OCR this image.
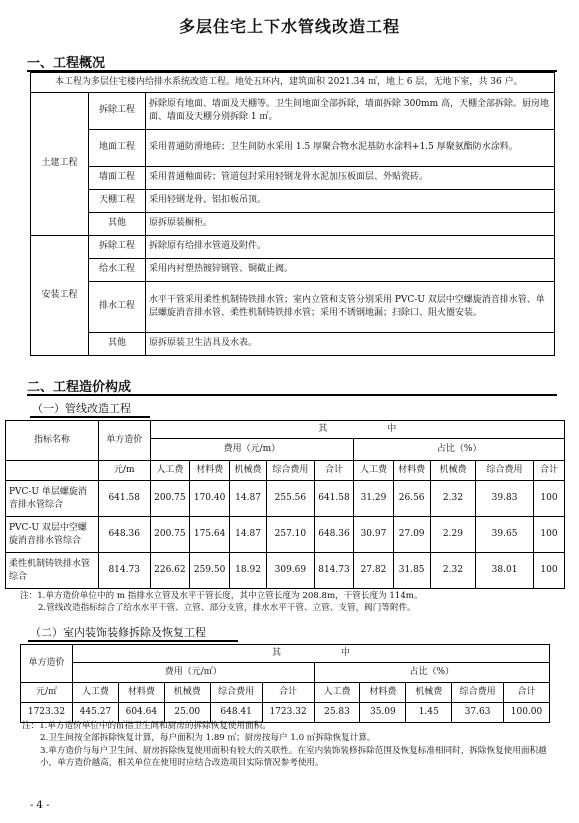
多层住宅上下水管线改造工程
一、工程概况
本工程为多层住宅楼内给排水系统改造工程。地处五环内，建筑面积 2021.34 ㎡，地上 6 层，无地下室，共 36 户。		
土建工程	拆除工程	拆除原有地面、墙面及天棚等。卫生间地面全部拆除，墙面拆除 300mm 高，天棚全部拆除。厨房地面、墙面及天棚分别拆除 1 ㎡。
	地面工程	采用普通防滑地砖；卫生间防水采用 1.5 厚聚合物水泥基防水涂料+1.5 厚聚氨酯防水涂料。
	墙面工程	采用普通釉面砖；管道包封采用轻钢龙骨水泥加压板面层、外贴瓷砖。
	天棚工程	采用轻钢龙骨、铝扣板吊顶。
	其他	原拆原装橱柜。
安装工程	拆除工程	拆除原有给排水管道及附件。
	给水工程	采用内衬塑热镀锌钢管、铜截止阀。
	排水工程	水平干管采用柔性机制铸铁排水管；室内立管和支管分别采用 PVC-U 双层中空螺旋消音排水管、单层螺旋消音排水管、柔性机制铸铁排水管；采用不锈钢地漏；扫除口、阻火圈安装。
	其他	原拆原装卫生洁具及水表。
二、工程造价构成
（一）管线改造工程
指标名称	单方造价	其 中									
		费用（元/m）					占比（%）				
	元/m	人工费	材料费	机械费	综合费用	合计	人工费	材料费	机械费	综合费用	合计
PVC-U 单层螺旋消音排水管综合	641.58	200.75	170.40	14.87	255.56	641.58	31.29	26.56	2.32	39.83	100
PVC-U 双层中空螺旋消音排水管综合	648.36	200.75	175.64	14.87	257.10	648.36	30.97	27.09	2.29	39.65	100
柔性机制铸铁排水管综合	814.73	226.62	259.50	18.92	309.69	814.73	27.82	31.85	2.32	38.01	100

注：1.单方造价单位中的 m 指排水立管及水平干管长度，其中立管长度为 208.8m，干管长度为 114m。

2.管线改造指标综合了给水水平干管、立管、部分支管，排水水平干管、立管、支管，阀门等附件。

（二）室内装饰装修拆除及恢复工程
单方造价	其 中									
	费用（元/㎡）					占比（%）				
元/㎡	人工费	材料费	机械费	综合费用	合计	人工费	材料费	机械费	综合费用	合计
1723.32	445.27	604.64	25.00	648.41	1723.32	25.83	35.09	1.45	37.63	100.00

注：1.单方造价单位中的㎡指卫生间和厨房的拆除恢复使用面积。

2.卫生间按全部拆除恢复计算，每户面积为 1.89 ㎡；厨房按每户 1.0 ㎡拆除恢复计算。

3.单方造价与每户卫生间、厨房拆除恢复使用面积有较大的关联性。在室内装饰装修拆除范围及恢复标准相同时，拆除恢复使用面积越小，单方造价越高，相关单位在使用时应结合改造项目实际情况参考使用。

- 4 -
